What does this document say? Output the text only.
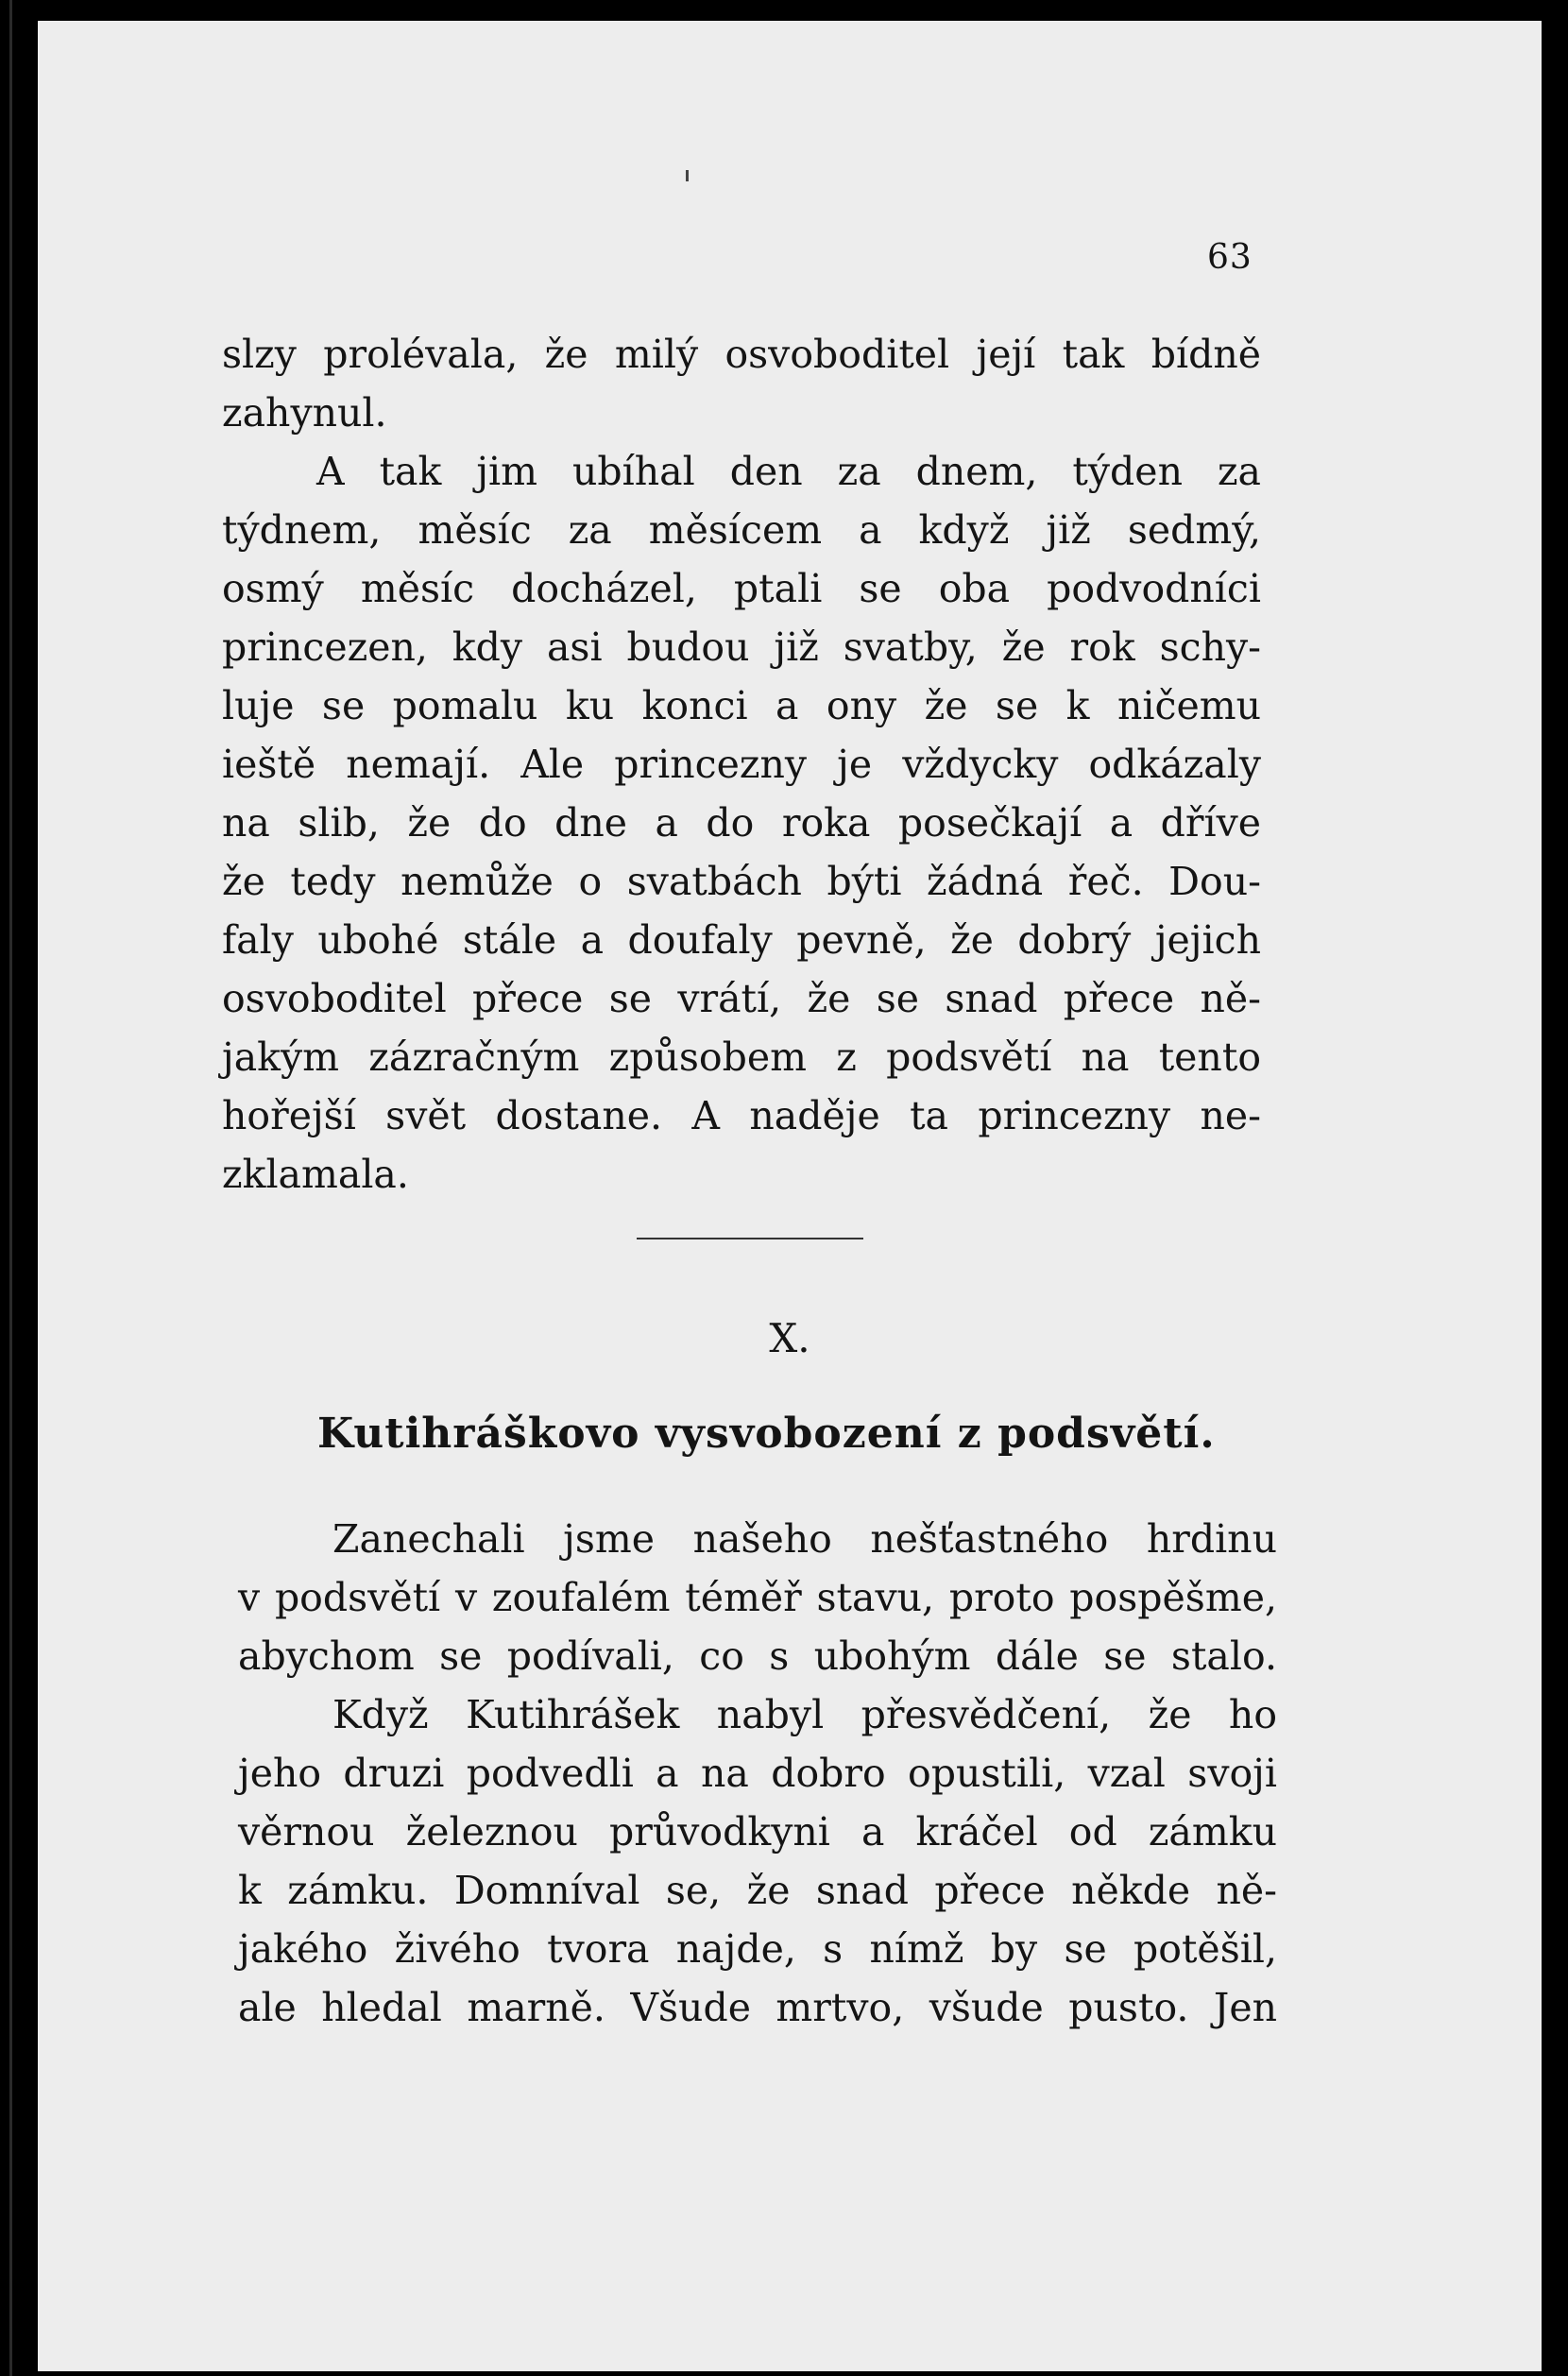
63
slzy prolévala, že milý osvoboditel její tak bídně
zahynul.
A tak jim ubíhal den za dnem, týden za
týdnem, měsíc za měsícem a když již sedmý,
osmý měsíc docházel, ptali se oba podvodníci
princezen, kdy asi budou již svatby, že rok schy-
luje se pomalu ku konci a ony že se k ničemu
ieště nemají. Ale princezny je vždycky odkázaly
na slib, že do dne a do roka posečkají a dříve
že tedy nemůže o svatbách býti žádná řeč. Dou-
faly ubohé stále a doufaly pevně, že dobrý jejich
osvoboditel přece se vrátí, že se snad přece ně-
jakým zázračným způsobem z podsvětí na tento
hořejší svět dostane. A naděje ta princezny ne-
zklamala.
X.
Kutihráškovo vysvobození z podsvětí.
Zanechali jsme našeho nešťastného hrdinu
v podsvětí v zoufalém téměř stavu, proto pospěšme,
abychom se podívali, co s ubohým dále se stalo.
Když Kutihrášek nabyl přesvědčení, že ho
jeho druzi podvedli a na dobro opustili, vzal svoji
věrnou železnou průvodkyni a kráčel od zámku
k zámku. Domníval se, že snad přece někde ně-
jakého živého tvora najde, s nímž by se potěšil,
ale hledal marně. Všude mrtvo, všude pusto. Jen
